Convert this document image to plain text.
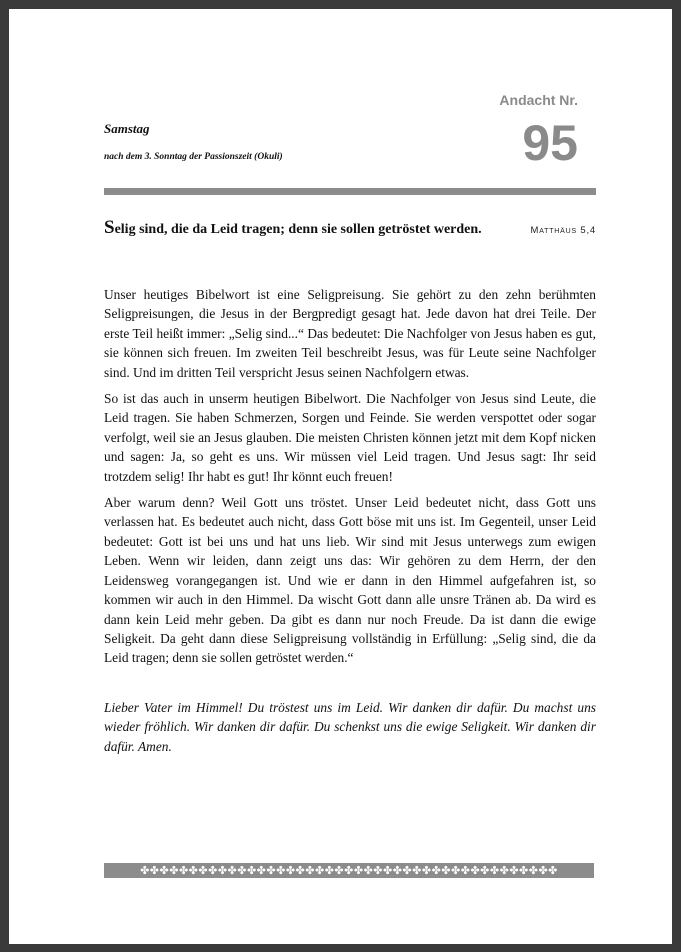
Andacht Nr.
95
Samstag
nach dem 3. Sonntag der Passionszeit (Okuli)
Selig sind, die da Leid tragen; denn sie sollen getröstet werden.	Matthäus 5,4

Unser heutiges Bibelwort ist eine Seligpreisung. Sie gehört zu den zehn berühmten Seligpreisungen, die Jesus in der Bergpredigt gesagt hat. Jede davon hat drei Teile. Der erste Teil heißt immer: „Selig sind...“ Das bedeutet: Die Nachfolger von Jesus haben es gut, sie können sich freuen. Im zweiten Teil beschreibt Jesus, was für Leute seine Nachfolger sind. Und im dritten Teil verspricht Jesus seinen Nachfolgern etwas.

So ist das auch in unserm heutigen Bibelwort. Die Nachfolger von Jesus sind Leute, die Leid tragen. Sie haben Schmerzen, Sorgen und Feinde. Sie werden verspottet oder sogar verfolgt, weil sie an Jesus glauben. Die meisten Christen können jetzt mit dem Kopf nicken und sagen: Ja, so geht es uns. Wir müssen viel Leid tragen. Und Jesus sagt: Ihr seid trotzdem selig! Ihr habt es gut! Ihr könnt euch freuen!

Aber warum denn? Weil Gott uns tröstet. Unser Leid bedeutet nicht, dass Gott uns verlassen hat. Es bedeutet auch nicht, dass Gott böse mit uns ist. Im Gegenteil, unser Leid bedeutet: Gott ist bei uns und hat uns lieb. Wir sind mit Jesus unterwegs zum ewigen Leben. Wenn wir leiden, dann zeigt uns das: Wir gehören zu dem Herrn, der den Leidensweg vorangegangen ist. Und wie er dann in den Himmel aufgefahren ist, so kommen wir auch in den Himmel. Da wischt Gott dann alle unsre Tränen ab. Da wird es dann kein Leid mehr geben. Da gibt es dann nur noch Freude. Da ist dann die ewige Seligkeit. Da geht dann diese Seligpreisung vollständig in Erfüllung: „Selig sind, die da Leid tragen; denn sie sollen getröstet werden.“

Lieber Vater im Himmel! Du tröstest uns im Leid. Wir danken dir dafür. Du machst uns wieder fröhlich. Wir danken dir dafür. Du schenkst uns die ewige Seligkeit. Wir danken dir dafür. Amen.
✤✤✤✤✤✤✤✤✤✤✤✤✤✤✤✤✤✤✤✤✤✤✤✤✤✤✤✤✤✤✤✤✤✤✤✤✤✤✤✤✤✤✤
